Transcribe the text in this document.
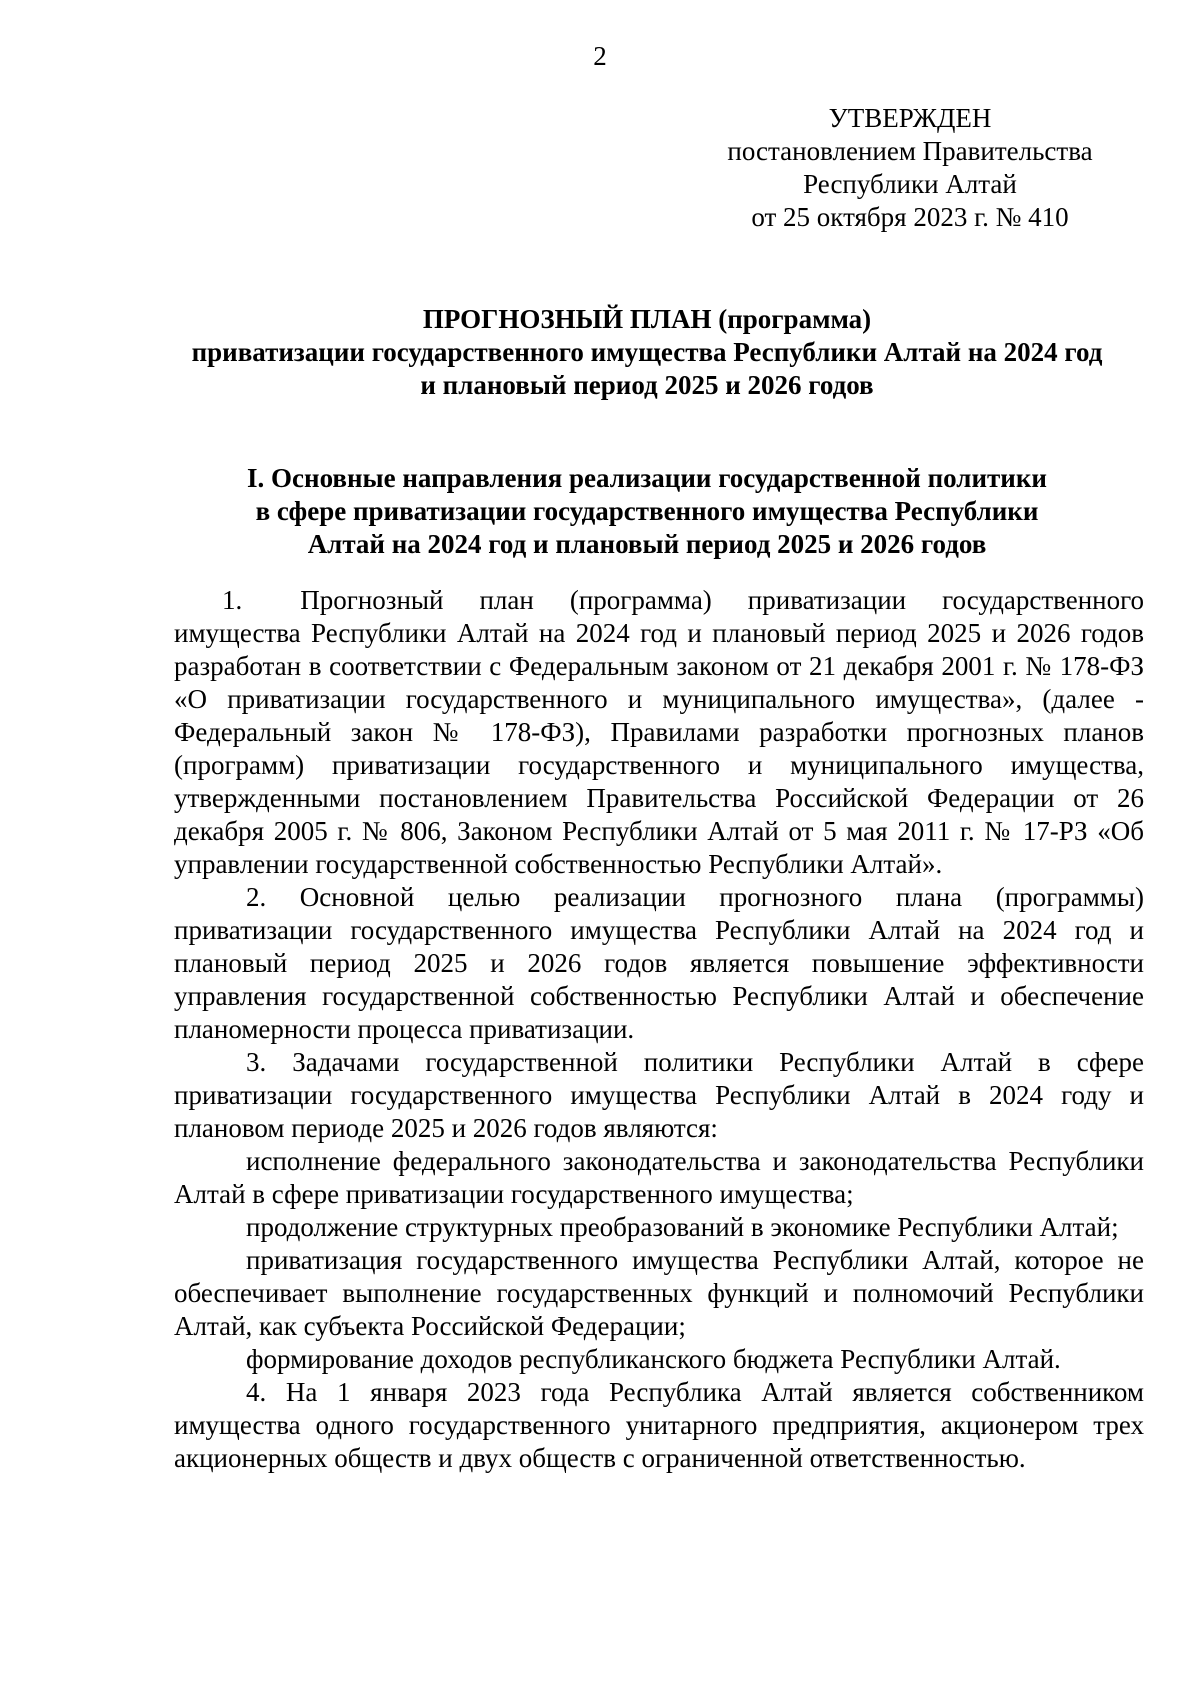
2
УТВЕРЖДЕН
постановлением Правительства
Республики Алтай
от 25 октября 2023 г. № 410
ПРОГНОЗНЫЙ ПЛАН (программа)
приватизации государственного имущества Республики Алтай на 2024 год
и плановый период 2025 и 2026 годов
I. Основные направления реализации государственной политики
в сфере приватизации государственного имущества Республики
Алтай на 2024 год и плановый период 2025 и 2026 годов

1. Прогнозный план (программа) приватизации государственного имущества Республики Алтай на 2024 год и плановый период 2025 и 2026 годов разработан в соответствии с Федеральным законом от 21 декабря 2001 г. № 178-ФЗ «О приватизации государственного и муниципального имущества», (далее - Федеральный закон № 178-ФЗ), Правилами разработки прогнозных планов (программ) приватизации государственного и муниципального имущества, утвержденными постановлением Правительства Российской Федерации от 26 декабря 2005 г. № 806, Законом Республики Алтай от 5 мая 2011 г. № 17-РЗ «Об управлении государственной собственностью Республики Алтай».

2. Основной целью реализации прогнозного плана (программы) приватизации государственного имущества Республики Алтай на 2024 год и плановый период 2025 и 2026 годов является повышение эффективности управления государственной собственностью Республики Алтай и обеспечение планомерности процесса приватизации.

3. Задачами государственной политики Республики Алтай в сфере приватизации государственного имущества Республики Алтай в 2024 году и плановом периоде 2025 и 2026 годов являются:

исполнение федерального законодательства и законодательства Республики Алтай в сфере приватизации государственного имущества;

продолжение структурных преобразований в экономике Республики Алтай;

приватизация государственного имущества Республики Алтай, которое не обеспечивает выполнение государственных функций и полномочий Республики Алтай, как субъекта Российской Федерации;

формирование доходов республиканского бюджета Республики Алтай.

4. На 1 января 2023 года Республика Алтай является собственником имущества одного государственного унитарного предприятия, акционером трех акционерных обществ и двух обществ с ограниченной ответственностью.
